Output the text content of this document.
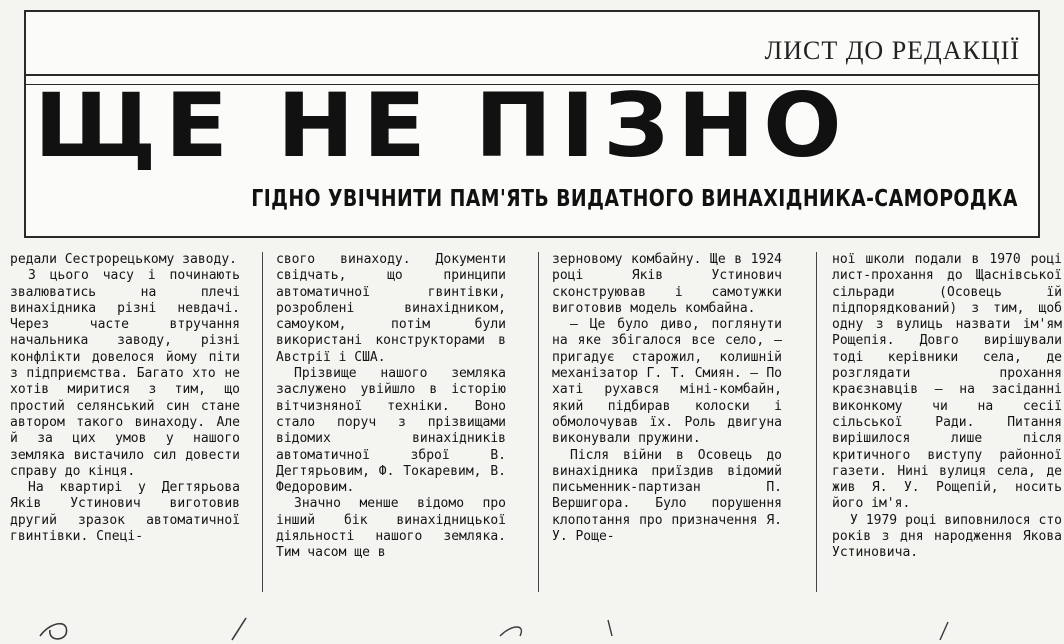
ЛИСТ ДО РЕДАКЦІЇ
ЩЕ НЕ ПІЗНО
ГІДНО УВІЧНИТИ ПАМ'ЯТЬ ВИДАТНОГО ВИНАХІДНИКА-САМОРОДКА

редали Сестрорецькому заводу.

З цього часу і починають звалюватись на плечі винахідника різні невдачі. Через часте втручання начальника заводу, різні конфлікти довелося йому піти з підприємства. Багато хто не хотів миритися з тим, що простий селянський син стане автором такого винаходу. Але й за цих умов у нашого земляка вистачило сил довести справу до кінця.

На квартирі у Дегтярьова Яків Устинович виготовив другий зразок автоматичної гвинтівки. Спеці-

свого винаходу. Документи свідчать, що принципи автоматичної гвинтівки, розроблені винахідником, самоуком, потім були використані конструкторами в Австрії і США.

Прізвище нашого земляка заслужено увійшло в історію вітчизняної техніки. Воно стало поруч з прізвищами відомих винахідників автоматичної зброї В. Дегтярьовим, Ф. Токаревим, В. Федоровим.

Значно менше відомо про інший бік винахідницької діяльності нашого земляка. Тим часом ще в

зерновому комбайну. Ще в 1924 році Яків Устинович сконструював і самотужки виготовив модель комбайна.

— Це було диво, поглянути на яке збігалося все село, — пригадує старожил, колишній механізатор Г. Т. Смиян. — По хаті рухався міні-комбайн, який підбирав колоски і обмолочував їх. Роль двигуна виконували пружини.

Після війни в Осовець до винахідника приїздив відомий письменник-партизан П. Вершигора. Було порушення клопотання про призначення Я. У. Роще-

ної школи подали в 1970 році лист-прохання до Щаснівської сільради (Осовець їй підпорядкований) з тим, щоб одну з вулиць назвати ім'ям Рощепія. Довго вирішували тоді керівники села, де розглядати прохання краєзнавців — на засіданні виконкому чи на сесії сільської Ради. Питання вирішилося лише після критичного виступу районної газети. Нині вулиця села, де жив Я. У. Рощепій, носить його ім'я.

У 1979 році виповнилося сто років з дня народження Якова Устиновича.
